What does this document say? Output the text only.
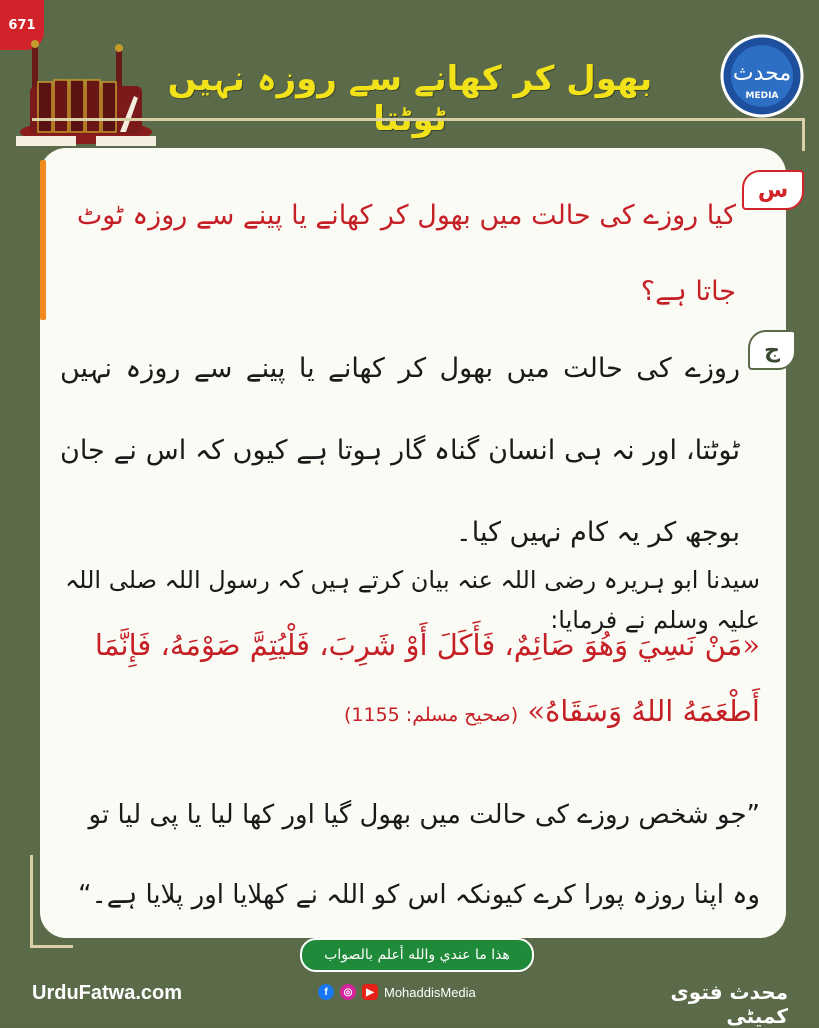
671
بھول کر کھانے سے روزہ نہیں ٹوٹتا
ﻣﺤﺪﺙ
MEDIA
س
کیا روزے کی حالت میں بھول کر کھانے یا پینے سے روزہ ٹوٹ جاتا ہے؟
ج
روزے کی حالت میں بھول کر کھانے یا پینے سے روزہ نہیں ٹوٹتا، اور نہ ہی انسان گناہ گار ہوتا ہے کیوں کہ اس نے جان بوجھ کر یہ کام نہیں کیا۔
سیدنا ابو ہریرہ رضی اللہ عنہ بیان کرتے ہیں کہ رسول اللہ صلی اللہ علیہ وسلم نے فرمایا:
«مَنْ نَسِيَ وَهُوَ صَائِمٌ، فَأَكَلَ أَوْ شَرِبَ، فَلْيُتِمَّ صَوْمَهُ، فَإِنَّمَا أَطْعَمَهُ اللهُ وَسَقَاهُ» (صحيح مسلم: 1155)
”جو شخص روزے کی حالت میں بھول گیا اور کھا لیا یا پی لیا تو وہ اپنا روزہ پورا کرے کیونکہ اس کو اللہ نے کھلایا اور پلایا ہے۔“
هذا ما عندي والله أعلم بالصواب
UrduFatwa.com	f	◎	▶ MohaddisMedia	محدث فتوی کمیٹی
